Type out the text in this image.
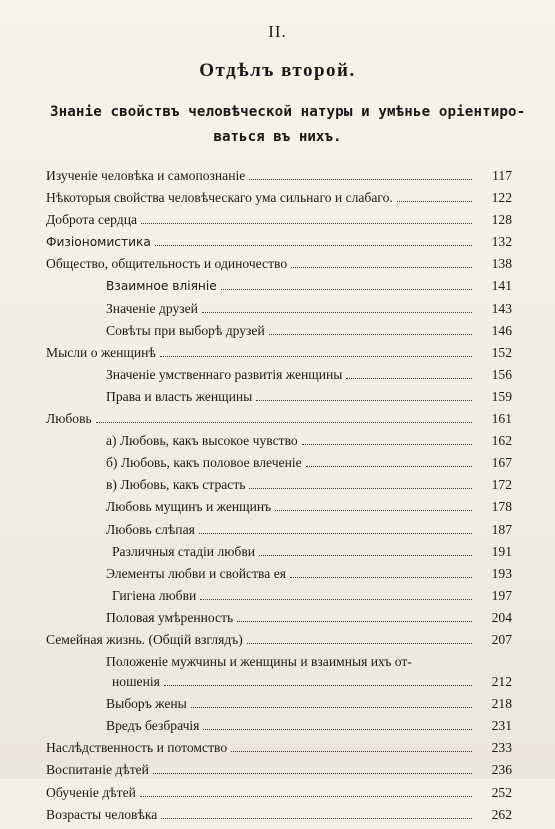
II.
Отдѣлъ второй.
Знаніе свойствъ человѣческой натуры и умѣнье оріентиро-
ваться въ нихъ.
Изученіе человѣка и самопознаніе	117
Нѣкоторыя свойства человѣческаго ума сильнаго и слабаго.	122
Доброта сердца	128
Физіономистика	132
Общество, общительность и одиночество	138
Взаимное вліяніе	141
Значеніе друзей	143
Совѣты при выборѣ друзей	146
Мысли о женщинѣ	152
Значеніе умственнаго развитія женщины	156
Права и власть женщины	159
Любовь	161
а) Любовь, какъ высокое чувство	162
б) Любовь, какъ половое влеченіе	167
в) Любовь, какъ страсть	172
Любовь мущинъ и женщинъ	178
Любовь слѣпая	187
Различныя стадіи любви	191
Элементы любви и свойства ея	193
Гигіена любви	197
Половая умѣренность	204
Семейная жизнь. (Общій взглядъ)	207
Положеніе мужчины и женщины и взаимныя ихъ от-
ношенія	212
Выборъ жены	218
Вредъ безбрачія	231
Наслѣдственность и потомство	233
Воспитаніе дѣтей	236
Обученіе дѣтей	252
Возрасты человѣка	262
